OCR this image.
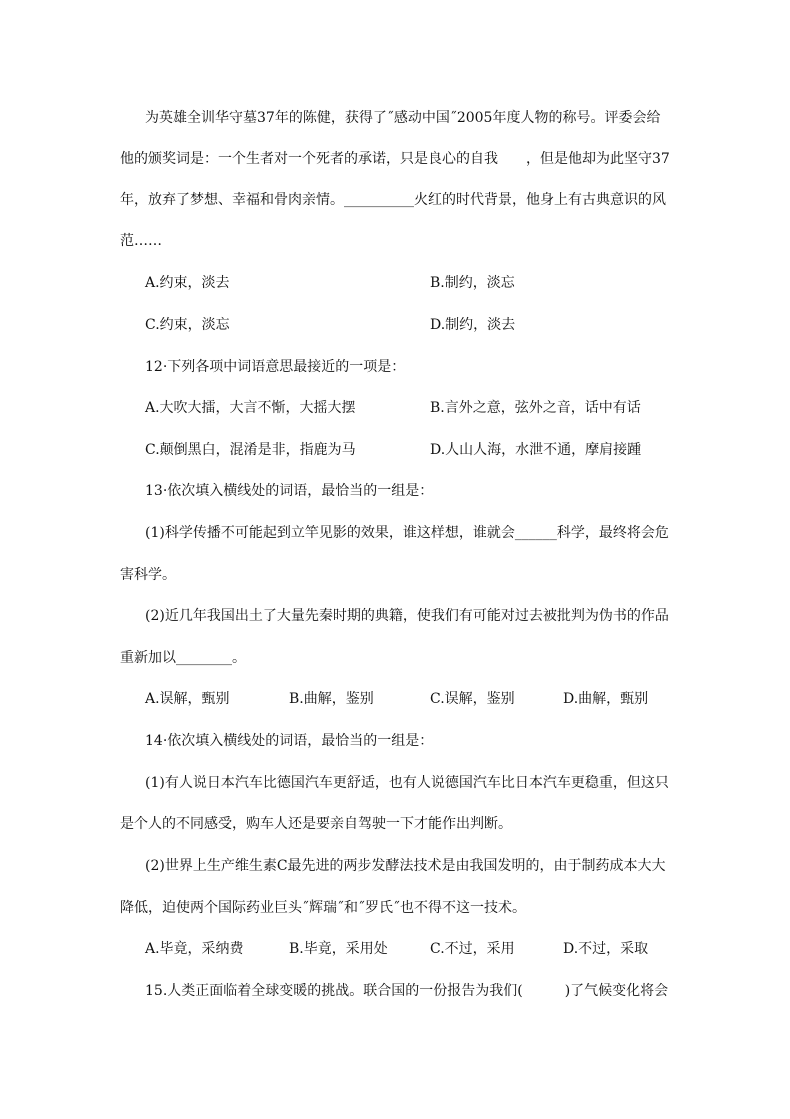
为英雄全训华守墓37年的陈健，获得了˝感动中国˝2005年度人物的称号。评委会给
他的颁奖词是：一个生者对一个死者的承诺，只是良心的自我　　，但是他却为此坚守37
年，放弃了梦想、幸福和骨肉亲情。__________火红的时代背景，他身上有古典意识的风
范……
A.约束，淡去	B.制约，淡忘
C.约束，淡忘	D.制约，淡去
12·下列各项中词语意思最接近的一项是：
A.大吹大擂，大言不惭，大摇大摆	B.言外之意，弦外之音，话中有话
C.颠倒黑白，混淆是非，指鹿为马	D.人山人海，水泄不通，摩肩接踵
13·依次填入横线处的词语，最恰当的一组是：
(1)科学传播不可能起到立竿见影的效果，谁这样想，谁就会______科学，最终将会危
害科学。
(2)近几年我国出土了大量先秦时期的典籍，使我们有可能对过去被批判为伪书的作品
重新加以________。
A.误解，甄别	B.曲解，鉴别	C.误解，鉴别	D.曲解，甄别
14·依次填入横线处的词语，最恰当的一组是：
(1)有人说日本汽车比德国汽车更舒适，也有人说德国汽车比日本汽车更稳重，但这只
是个人的不同感受，购车人还是要亲自驾驶一下才能作出判断。
(2)世界上生产维生素C最先进的两步发酵法技术是由我国发明的，由于制药成本大大
降低，迫使两个国际药业巨头˝辉瑞˝和˝罗氏˝也不得不这一技术。
A.毕竟，采纳费	B.毕竟，采用处	C.不过，采用	D.不过，采取
15.人类正面临着全球变暖的挑战。联合国的一份报告为我们(　　　)了气候变化将会
